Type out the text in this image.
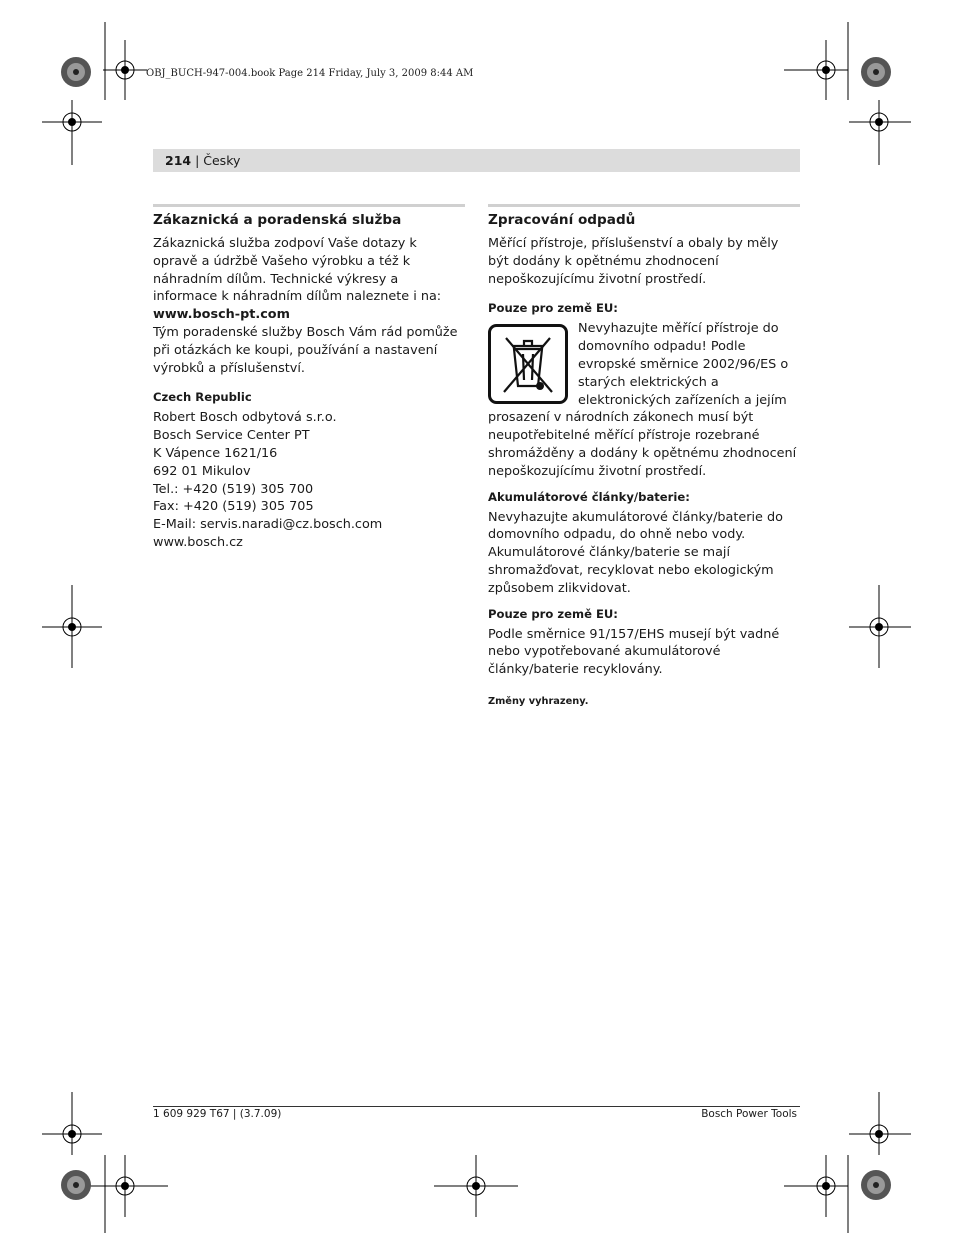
OBJ_BUCH-947-004.book Page 214 Friday, July 3, 2009 8:44 AM
214 | Česky
Zákaznická a poradenská služba

Zákaznická služba zodpoví Vaše dotazy k opravě a údržbě Vašeho výrobku a též k náhradním dílům. Technické výkresy a informace k náhradním dílům naleznete i na:

www.bosch-pt.com

Tým poradenské služby Bosch Vám rád pomůže při otázkách ke koupi, používání a nastavení výrobků a příslušenství.

Czech Republic
Robert Bosch odbytová s.r.o.
Bosch Service Center PT
K Vápence 1621/16
692 01 Mikulov
Tel.: +420 (519) 305 700
Fax: +420 (519) 305 705
E-Mail: servis.naradi@cz.bosch.com
www.bosch.cz
Zpracování odpadů

Měřící přístroje, příslušenství a obaly by měly být dodány k opětnému zhodnocení nepoškozujícímu životní prostředí.

Pouze pro země EU:

Nevyhazujte měřící přístroje do domovního odpadu! Podle evropské směrnice 2002/96/ES o starých elektrických a elektronických zařízeních a jejím prosazení v národních zákonech musí být neupotřebitelné měřící přístroje rozebrané shromážděny a dodány k opětnému zhodnocení nepoškozujícímu životní prostředí.

Akumulátorové články/baterie:

Nevyhazujte akumulátorové články/baterie do domovního odpadu, do ohně nebo vody. Akumulátorové články/baterie se mají shromažďovat, recyklovat nebo ekologickým způsobem zlikvidovat.

Pouze pro země EU:

Podle směrnice 91/157/EHS musejí být vadné nebo vypotřebované akumulátorové články/baterie recyklovány.

Změny vyhrazeny.
1 609 929 T67 | (3.7.09)	Bosch Power Tools
